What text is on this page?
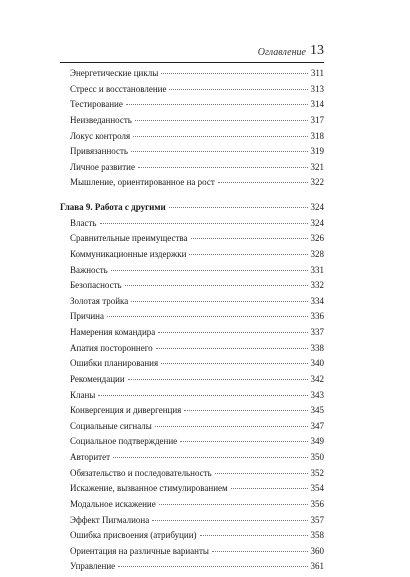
Оглавление 13
Энергетические циклы	311
Стресс и восстановление	313
Тестирование	314
Неизведанность	317
Локус контроля	318
Привязанность	319
Личное развитие	321
Мышление, ориентированное на рост	322
Глава 9. Работа с другими	324
Власть	324
Сравнительные преимущества	326
Коммуникационные издержки	328
Важность	331
Безопасность	332
Золотая тройка	334
Причина	336
Намерения командира	337
Апатия постороннего	338
Ошибки планирования	340
Рекомендации	342
Кланы	343
Конвергенция и дивергенция	345
Социальные сигналы	347
Социальное подтверждение	349
Авторитет	350
Обязательство и последовательность	352
Искажение, вызванное стимулированием	354
Модальное искажение	356
Эффект Пигмалиона	357
Ошибка присвоения (атрибуции)	358
Ориентация на различные варианты	360
Управление	361
